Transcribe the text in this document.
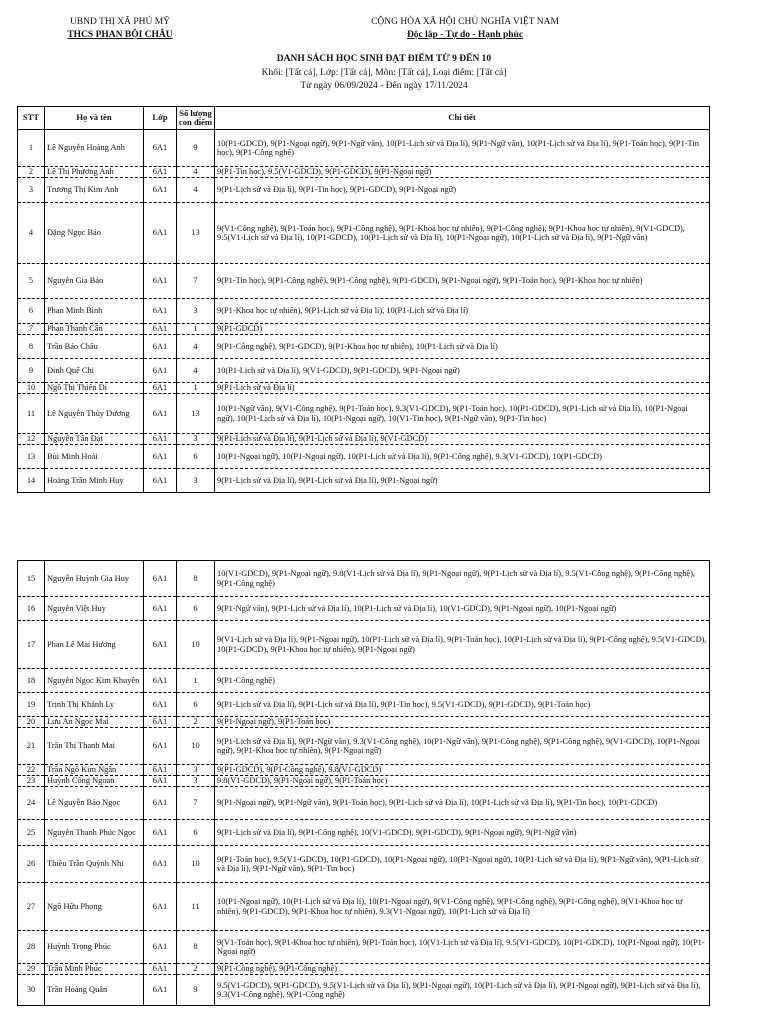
UBND THỊ XÃ PHÚ MỸ
THCS PHAN BỘI CHÂU
CỘNG HÒA XÃ HỘI CHỦ NGHĨA VIỆT NAM
Độc lập - Tự do - Hạnh phúc
DANH SÁCH HỌC SINH ĐẠT ĐIỂM TỪ 9 ĐẾN 10
Khối: [Tất cả], Lớp: [Tất cả], Môn: [Tất cả], Loại điểm: [Tất cả]
Từ ngày 06/09/2024 - Đến ngày 17/11/2024
STT	Họ và tên	Lớp	Số lượng con điểm	Chi tiết
1	Lê Nguyễn Hoàng Anh	6A1	9	10(P1-GDCD), 9(P1-Ngoại ngữ), 9(P1-Ngữ văn), 10(P1-Lịch sử và Địa lí), 9(P1-Ngữ văn), 10(P1-Lịch sử và Địa lí), 9(P1-Toán học), 9(P1-Tin học), 9(P1-Công nghệ)
2	Lê Thị Phương Anh	6A1	4	9(P1-Tin học), 9.5(V1-GDCD), 9(P1-GDCD), 9(P1-Ngoại ngữ)
3	Trương Thị Kim Anh	6A1	4	9(P1-Lịch sử và Địa lí), 9(P1-Tin học), 9(P1-GDCD), 9(P1-Ngoại ngữ)
4	Đặng Ngọc Bảo	6A1	13	9(V1-Công nghệ), 9(P1-Toán học), 9(P1-Công nghệ), 9(P1-Khoa học tự nhiên), 9(P1-Công nghệ), 9(P1-Khoa học tự nhiên), 9(V1-GDCD), 9.5(V1-Lịch sử và Địa lí), 10(P1-GDCD), 10(P1-Lịch sử và Địa lí), 10(P1-Ngoại ngữ), 10(P1-Lịch sử và Địa lí), 9(P1-Ngữ văn)
5	Nguyễn Gia Bảo	6A1	7	9(P1-Tin học), 9(P1-Công nghệ), 9(P1-Công nghệ), 9(P1-GDCD), 9(P1-Ngoại ngữ), 9(P1-Toán học), 9(P1-Khoa học tự nhiên)
6	Phan Minh Bình	6A1	3	9(P1-Khoa học tự nhiên), 9(P1-Lịch sử và Địa lí), 10(P1-Lịch sử và Địa lí)
7	Phan Thanh Cần	6A1	1	9(P1-GDCD)
8	Trần Bảo Châu	6A1	4	9(P1-Công nghệ), 9(P1-GDCD), 9(P1-Khoa học tự nhiên), 10(P1-Lịch sử và Địa lí)
9	Đinh Quế Chi	6A1	4	10(P1-Lịch sử và Địa lí), 9(V1-GDCD), 9(P1-GDCD), 9(P1-Ngoại ngữ)
10	Ngô Thị Thiên Di	6A1	1	9(P1-Lịch sử và Địa lí)
11	Lê Nguyễn Thùy Dương	6A1	13	10(P1-Ngữ văn), 9(V1-Công nghệ), 9(P1-Toán học), 9.3(V1-GDCD), 9(P1-Toán học), 10(P1-GDCD), 9(P1-Lịch sử và Địa lí), 10(P1-Ngoại ngữ), 10(P1-Lịch sử và Địa lí), 10(P1-Ngoại ngữ), 10(V1-Tin học), 9(P1-Ngữ văn), 9(P1-Tin học)
12	Nguyễn Tấn Đạt	6A1	3	9(P1-Lịch sử và Địa lí), 9(P1-Lịch sử và Địa lí), 9(V1-GDCD)
13	Bùi Minh Hoài	6A1	6	10(P1-Ngoại ngữ), 10(P1-Ngoại ngữ), 10(P1-Lịch sử và Địa lí), 9(P1-Công nghệ), 9.3(V1-GDCD), 10(P1-GDCD)
14	Hoàng Trần Minh Huy	6A1	3	9(P1-Lịch sử và Địa lí), 9(P1-Lịch sử và Địa lí), 9(P1-Ngoại ngữ)
15	Nguyễn Huỳnh Gia Huy	6A1	8	10(V1-GDCD), 9(P1-Ngoại ngữ), 9.8(V1-Lịch sử và Địa lí), 9(P1-Ngoại ngữ), 9(P1-Lịch sử và Địa lí), 9.5(V1-Công nghệ), 9(P1-Công nghệ), 9(P1-Công nghệ)
16	Nguyễn Việt Huy	6A1	6	9(P1-Ngữ văn), 9(P1-Lịch sử và Địa lí), 10(P1-Lịch sử và Địa lí), 10(V1-GDCD), 9(P1-Ngoại ngữ), 10(P1-Ngoại ngữ)
17	Phan Lê Mai Hương	6A1	10	9(V1-Lịch sử và Địa lí), 9(P1-Ngoại ngữ), 10(P1-Lịch sử và Địa lí), 9(P1-Toán học), 10(P1-Lịch sử và Địa lí), 9(P1-Công nghệ), 9.5(V1-GDCD), 10(P1-GDCD), 9(P1-Khoa học tự nhiên), 9(P1-Ngoại ngữ)
18	Nguyễn Ngọc Kim Khuyên	6A1	1	9(P1-Công nghệ)
19	Trịnh Thị Khánh Ly	6A1	6	9(P1-Lịch sử và Địa lí), 9(P1-Lịch sử và Địa lí), 9(P1-Tin học), 9.5(V1-GDCD), 9(P1-GDCD), 9(P1-Toán học)
20	Lưu An Ngọc Mai	6A1	2	9(P1-Ngoại ngữ), 9(P1-Toán học)
21	Trần Thị Thanh Mai	6A1	10	9(P1-Lịch sử và Địa lí), 9(P1-Ngữ văn), 9.3(V1-Công nghệ), 10(P1-Ngữ văn), 9(P1-Công nghệ), 9(P1-Công nghệ), 9(V1-GDCD), 10(P1-Ngoại ngữ), 9(P1-Khoa học tự nhiên), 9(P1-Ngoại ngữ)
22	Trần Ngô Kim Ngân	6A1	3	9(P1-GDCD), 9(P1-Công nghệ), 9.8(V1-GDCD)
23	Huỳnh Công Ngoan	6A1	3	9.8(V1-GDCD), 9(P1-Ngoại ngữ), 9(P1-Toán học)
24	Lê Nguyễn Bảo Ngọc	6A1	7	9(P1-Ngoại ngữ), 9(P1-Ngữ văn), 9(P1-Toán học), 9(P1-Lịch sử và Địa lí), 10(P1-Lịch sử và Địa lí), 9(P1-Tin học), 10(P1-GDCD)
25	Nguyễn Thanh Phúc Ngọc	6A1	6	9(P1-Lịch sử và Địa lí), 9(P1-Công nghệ), 10(V1-GDCD), 9(P1-GDCD), 9(P1-Ngoại ngữ), 9(P1-Ngữ văn)
26	Thiều Trần Quỳnh Nhi	6A1	10	9(P1-Toán học), 9.5(V1-GDCD), 10(P1-GDCD), 10(P1-Ngoại ngữ), 10(P1-Ngoại ngữ), 10(P1-Lịch sử và Địa lí), 9(P1-Ngữ văn), 9(P1-Lịch sử và Địa lí), 9(P1-Ngữ văn), 9(P1-Tin học)
27	Ngô Hữu Phong	6A1	11	10(P1-Ngoại ngữ), 10(P1-Lịch sử và Địa lí), 10(P1-Ngoại ngữ), 9(V1-Công nghệ), 9(P1-Công nghệ), 9(P1-Công nghệ), 9(V1-Khoa học tự nhiên), 9(P1-GDCD), 9(P1-Khoa học tự nhiên), 9.3(V1-Ngoại ngữ), 10(P1-Lịch sử và Địa lí)
28	Huỳnh Trọng Phúc	6A1	8	9(V1-Toán học), 9(P1-Khoa học tự nhiên), 9(P1-Toán học), 10(V1-Lịch sử và Địa lí), 9.5(V1-GDCD), 10(P1-GDCD), 10(P1-Ngoại ngữ), 10(P1-Ngoại ngữ)
29	Trần Minh Phúc	6A1	2	9(P1-Công nghệ), 9(P1-Công nghệ)
30	Trần Hoàng Quân	6A1	9	9.5(V1-GDCD), 9(P1-GDCD), 9.5(V1-Lịch sử và Địa lí), 9(P1-Ngoại ngữ), 10(P1-Lịch sử và Địa lí), 9(P1-Ngoại ngữ), 9(P1-Lịch sử và Địa lí), 9.3(V1-Công nghệ), 9(P1-Công nghệ)
